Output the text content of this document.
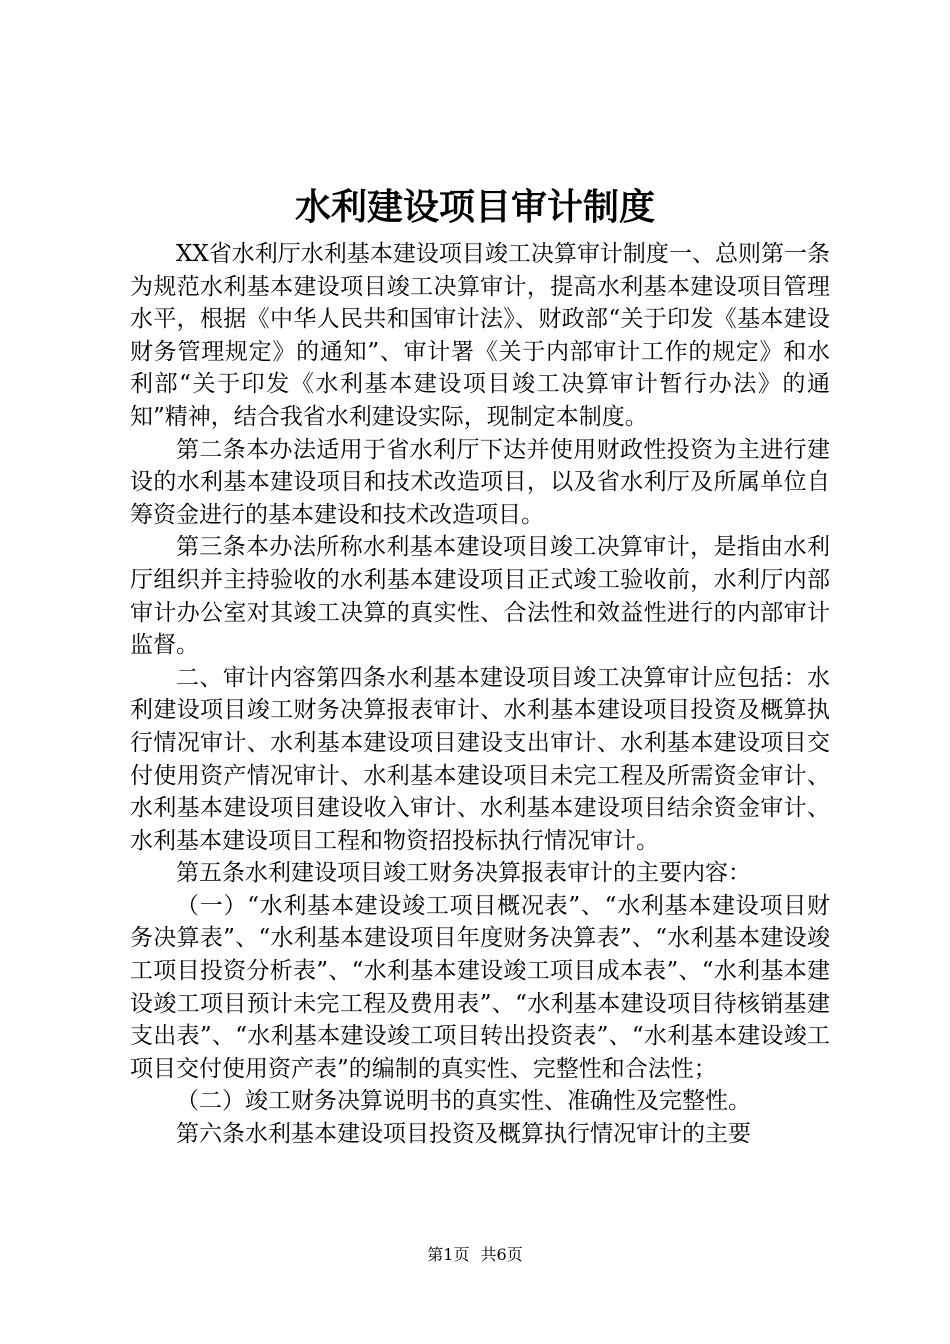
水利建设项目审计制度

XX省水利厅水利基本建设项目竣工决算审计制度一、总则第一条为规范水利基本建设项目竣工决算审计，提高水利基本建设项目管理水平，根据《中华人民共和国审计法》、财政部“关于印发《基本建设财务管理规定》的通知”、审计署《关于内部审计工作的规定》和水利部“关于印发《水利基本建设项目竣工决算审计暂行办法》的通知”精神，结合我省水利建设实际，现制定本制度。

第二条本办法适用于省水利厅下达并使用财政性投资为主进行建设的水利基本建设项目和技术改造项目，以及省水利厅及所属单位自筹资金进行的基本建设和技术改造项目。

第三条本办法所称水利基本建设项目竣工决算审计，是指由水利厅组织并主持验收的水利基本建设项目正式竣工验收前，水利厅内部审计办公室对其竣工决算的真实性、合法性和效益性进行的内部审计监督。

二、审计内容第四条水利基本建设项目竣工决算审计应包括：水利建设项目竣工财务决算报表审计、水利基本建设项目投资及概算执行情况审计、水利基本建设项目建设支出审计、水利基本建设项目交付使用资产情况审计、水利基本建设项目未完工程及所需资金审计、水利基本建设项目建设收入审计、水利基本建设项目结余资金审计、水利基本建设项目工程和物资招投标执行情况审计。

第五条水利建设项目竣工财务决算报表审计的主要内容：

（一）“水利基本建设竣工项目概况表”、“水利基本建设项目财务决算表”、“水利基本建设项目年度财务决算表”、“水利基本建设竣工项目投资分析表”、“水利基本建设竣工项目成本表”、“水利基本建设竣工项目预计未完工程及费用表”、“水利基本建设项目待核销基建支出表”、“水利基本建设竣工项目转出投资表”、“水利基本建设竣工项目交付使用资产表”的编制的真实性、完整性和合法性；

（二）竣工财务决算说明书的真实性、准确性及完整性。

第六条水利基本建设项目投资及概算执行情况审计的主要

第1页 共6页
